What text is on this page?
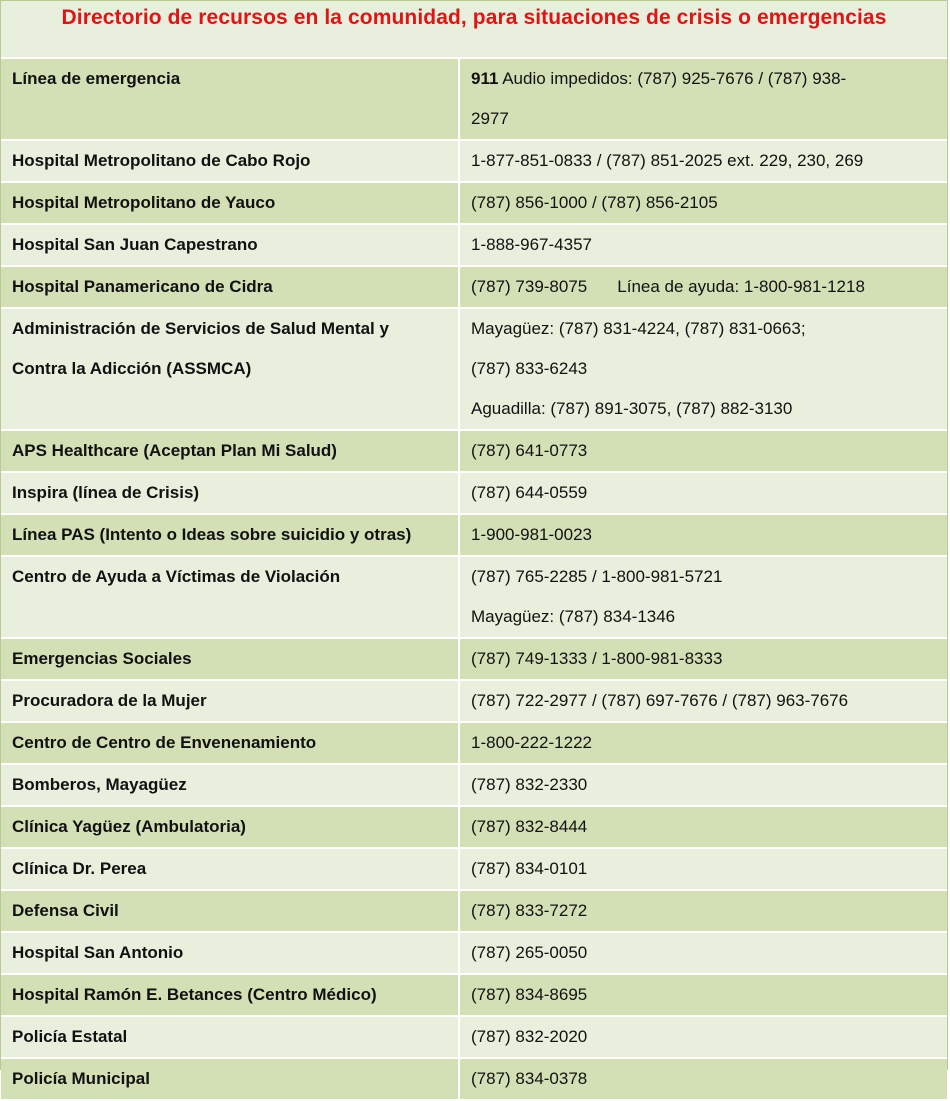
Directorio de recursos en la comunidad, para situaciones de crisis o emergencias
Línea de emergencia	911 Audio impedidos: (787) 925-7676 / (787) 938-
2977

Hospital Metropolitano de Cabo Rojo	1-877-851-0833 / (787) 851-2025 ext. 229, 230, 269

Hospital Metropolitano de Yauco	(787) 856-1000 / (787) 856-2105

Hospital San Juan Capestrano	1-888-967-4357

Hospital Panamericano de Cidra	(787) 739-8075 Línea de ayuda: 1-800-981-1218

Administración de Servicios de Salud Mental y
Contra la Adicción (ASSMCA)	Mayagüez: (787) 831-4224, (787) 831-0663;
(787) 833-6243
Aguadilla: (787) 891-3075, (787) 882-3130

APS Healthcare (Aceptan Plan Mi Salud)	(787) 641-0773

Inspira (línea de Crisis)	(787) 644-0559

Línea PAS (Intento o Ideas sobre suicidio y otras)	1-900-981-0023

Centro de Ayuda a Víctimas de Violación	(787) 765-2285 / 1-800-981-5721
Mayagüez: (787) 834-1346

Emergencias Sociales	(787) 749-1333 / 1-800-981-8333

Procuradora de la Mujer	(787) 722-2977 / (787) 697-7676 / (787) 963-7676

Centro de Centro de Envenenamiento	1-800-222-1222

Bomberos, Mayagüez	(787) 832-2330

Clínica Yagüez (Ambulatoria)	(787) 832-8444

Clínica Dr. Perea	(787) 834-0101

Defensa Civil	(787) 833-7272

Hospital San Antonio	(787) 265-0050

Hospital Ramón E. Betances (Centro Médico)	(787) 834-8695

Policía Estatal	(787) 832-2020

Policía Municipal	(787) 834-0378
